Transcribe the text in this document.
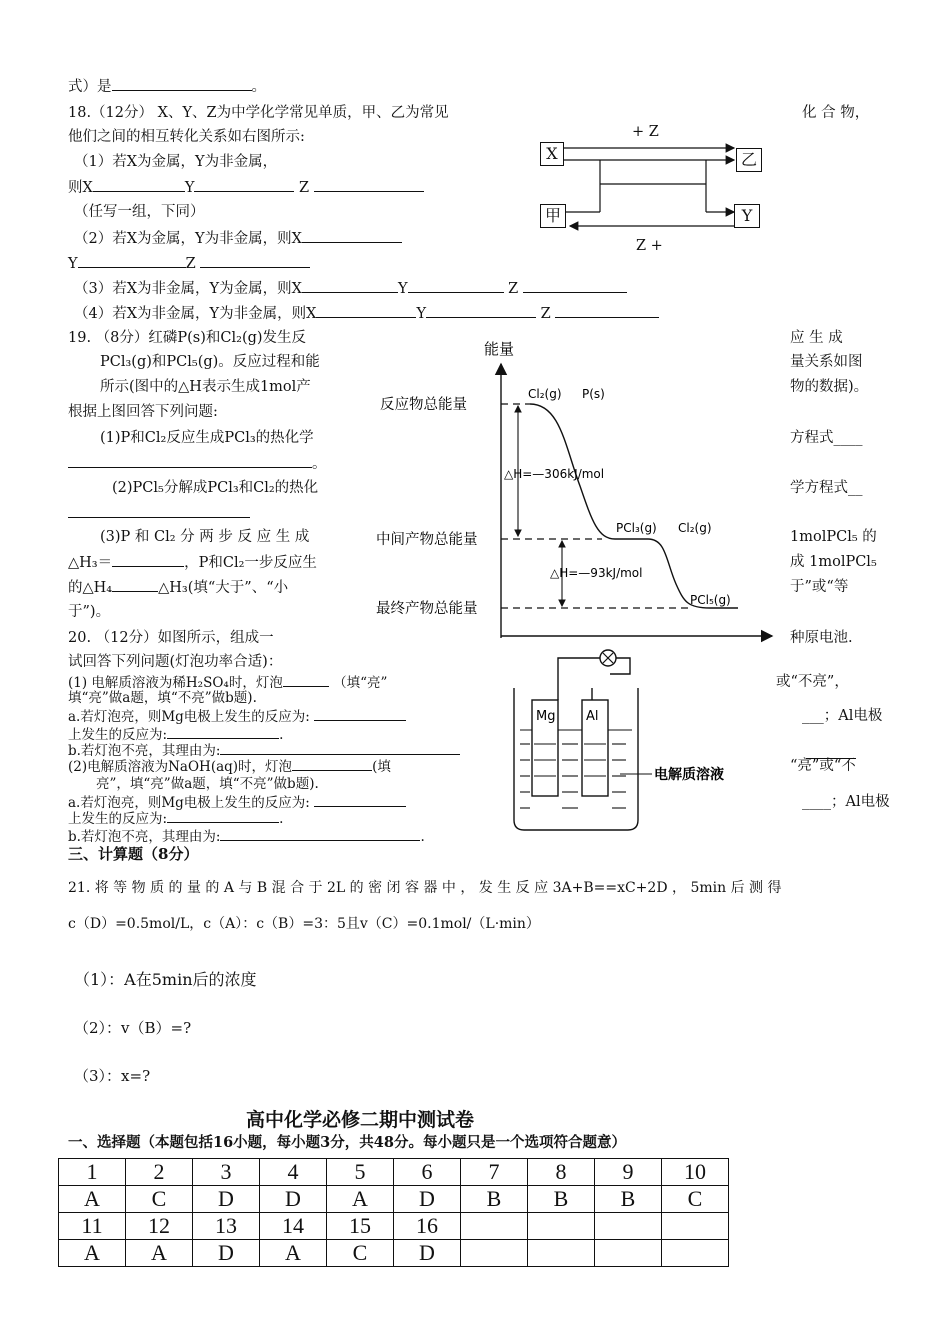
式）是	。
18.（12分） X、Y、Z为中学化学常见单质，甲、乙为常见	化 合 物，
他们之间的相互转化关系如右图所示:
（1）若X为金属，Y为非金属，
则X	Y	Z
（任写一组，下同）
（2）若X为金属，Y为非金属，则X
Y	Z
（3）若X为非金属，Y为金属，则X	Y	Z
（4）若X为非金属，Y为非金属，则X	Y	Z
X	乙
甲	Y
+ Z
Z +
19. （8分）红磷P(s)和Cl₂(g)发生反	应 生 成
PCl₃(g)和PCl₅(g)。反应过程和能	量关系如图
所示(图中的△H表示生成1mol产	物的数据)。
根据上图回答下列问题:
(1)P和Cl₂反应生成PCl₃的热化学	方程式____
。
(2)PCl₅分解成PCl₃和Cl₂的热化	学方程式__
(3)P 和 Cl₂ 分 两 步 反 应 生 成	1molPCl₅ 的
△H₃＝	，P和Cl₂一步反应生	成 1molPCl₅
的△H₄	△H₃(填“大于”、“小	于”或“等
于”)。
能量
反应物总能量
中间产物总能量
最终产物总能量
Cl₂(g) P(s)
PCl₃(g) Cl₂(g)
PCl₅(g)
△H=—306kJ/mol
△H=—93kJ/mol
20. （12分）如图所示，组成一	种原电池.
试回答下列问题(灯泡功率合适)：
(1) 电解质溶液为稀H₂SO₄时，灯泡	（填“亮”	或“不亮”，
填“亮”做a题，填“不亮”做b题).
a.若灯泡亮，则Mg电极上发生的反应为:	___；Al电极
上发生的反应为:	.
b.若灯泡不亮，其理由为:
(2)电解质溶液为NaOH(aq)时，灯泡	(填	“亮”或“不
亮”，填“亮”做a题，填“不亮”做b题).
a.若灯泡亮，则Mg电极上发生的反应为:	____；Al电极
上发生的反应为:	.
b.若灯泡不亮，其理由为:	.
Mg Al
电解质溶液
三、计算题（8分）
21. 将 等 物 质 的 量 的 A 与 B 混 合 于 2L 的 密 闭 容 器 中 ， 发 生 反 应 3A+B==xC+2D ， 5min 后 测 得
c（D）=0.5mol/L，c（A）：c（B）=3：5且v（C）=0.1mol/（L·min）
（1）：A在5min后的浓度
（2）：v（B）=?
（3）：x=?
高中化学必修二期中测试卷
一、选择题（本题包括16小题，每小题3分，共48分。每小题只是一个选项符合题意）
1	2	3	4	5	6	7	8	9	10
A	C	D	D	A	D	B	B	B	C
11	12	13	14	15	16				
A	A	D	A	C	D				
